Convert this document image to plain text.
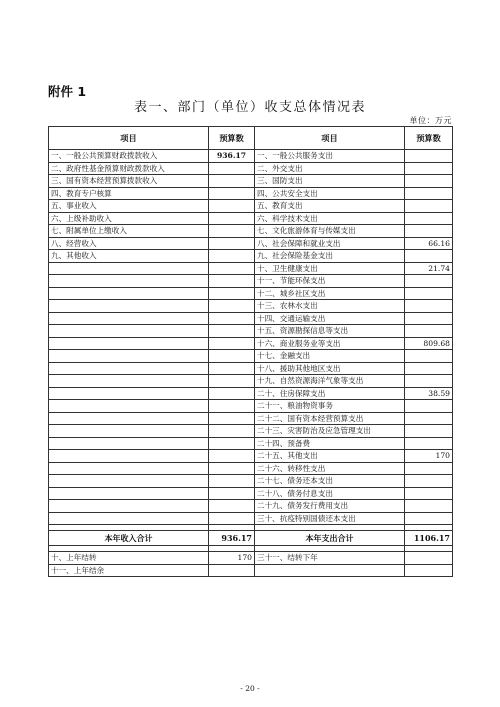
附件 1
表一、部门（单位）收支总体情况表
单位：万元
项目	预算数	项目	预算数
一、一般公共预算财政拨款收入	936.17	一、一般公共服务支出	
二、政府性基金预算财政拨款收入		二、外交支出	
三、国有资本经营预算拨款收入		三、国防支出	
四、教育专户核算		四、公共安全支出	
五、事业收入		五、教育支出	
六、上级补助收入		六、科学技术支出	
七、附属单位上缴收入		七、文化旅游体育与传媒支出	
八、经营收入		八、社会保障和就业支出	66.16
九、其他收入		九、社会保险基金支出	
		十、卫生健康支出	21.74
		十一、节能环保支出	
		十二、城乡社区支出	
		十三、农林水支出	
		十四、交通运输支出	
		十五、资源勘探信息等支出	
		十六、商业服务业等支出	809.68
		十七、金融支出	
		十八、援助其他地区支出	
		十九、自然资源海洋气象等支出	
		二十、住房保障支出	38.59
		二十一、粮油物资事务	
		二十二、国有资本经营预算支出	
		二十三、灾害防治及应急管理支出	
		二十四、预备费	
		二十五、其他支出	170
		二十六、转移性支出	
		二十七、债务还本支出	
		二十八、债务付息支出	
		二十九、债务发行费用支出	
		三十、抗疫特别国债还本支出	

本年收入合计	936.17	本年支出合计	1106.17

十、上年结转	170	三十一、结转下年	
十一、上年结余			
- 20 -
